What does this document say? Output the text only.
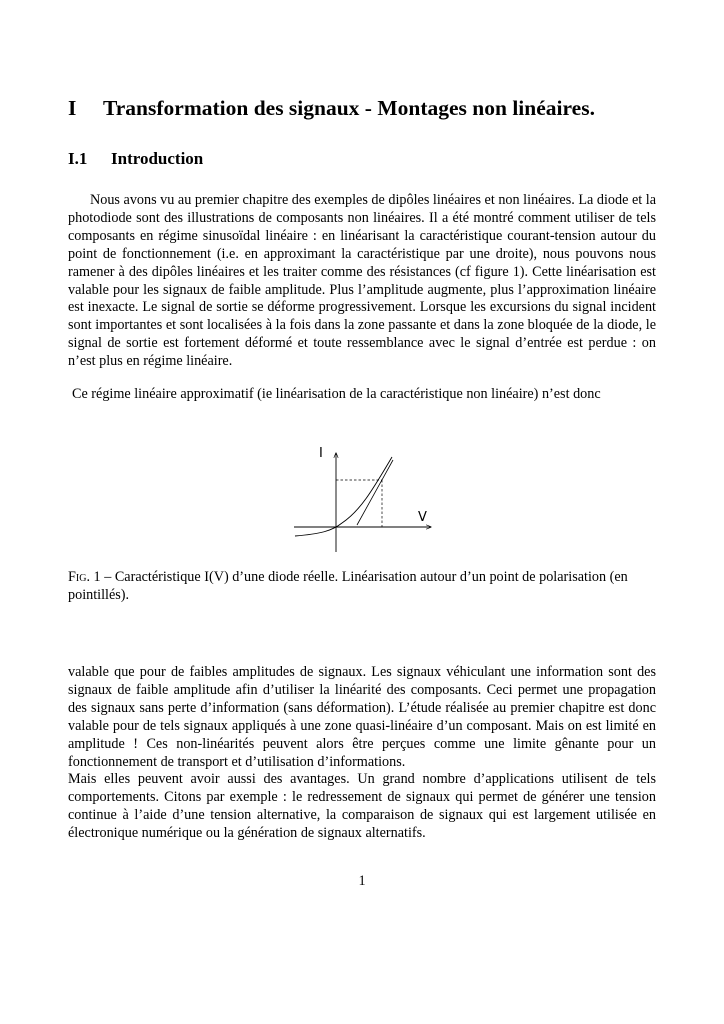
I Transformation des signaux - Montages non linéaires.
I.1 Introduction

Nous avons vu au premier chapitre des exemples de dipôles linéaires et non linéaires. La diode et la photodiode sont des illustrations de composants non linéaires. Il a été montré comment utiliser de tels composants en régime sinusoïdal linéaire : en linéarisant la caractéristique courant-tension autour du point de fonctionnement (i.e. en approximant la caractéristique par une droite), nous pouvons nous ramener à des dipôles linéaires et les traiter comme des résistances (cf figure 1). Cette linéarisation est valable pour les signaux de faible amplitude. Plus l’amplitude augmente, plus l’approximation linéaire est inexacte. Le signal de sortie se déforme progressivement. Lorsque les excursions du signal incident sont importantes et sont localisées à la fois dans la zone passante et dans la zone bloquée de la diode, le signal de sortie est fortement déformé et toute ressemblance avec le signal d’entrée est perdue : on n’est plus en régime linéaire.

Ce régime linéaire approximatif (ie linéarisation de la caractéristique non linéaire) n’est donc

I
V

Fig. 1 – Caractéristique I(V) d’une diode réelle. Linéarisation autour d’un point de polarisation (en pointillés).

valable que pour de faibles amplitudes de signaux. Les signaux véhiculant une information sont des signaux de faible amplitude afin d’utiliser la linéarité des composants. Ceci permet une propagation des signaux sans perte d’information (sans déformation). L’étude réalisée au premier chapitre est donc valable pour de tels signaux appliqués à une zone quasi-linéaire d’un composant. Mais on est limité en amplitude ! Ces non-linéarités peuvent alors être perçues comme une limite gênante pour un fonctionnement de transport et d’utilisation d’informations.

Mais elles peuvent avoir aussi des avantages. Un grand nombre d’applications utilisent de tels comportements. Citons par exemple : le redressement de signaux qui permet de générer une tension continue à l’aide d’une tension alternative, la comparaison de signaux qui est largement utilisée en électronique numérique ou la génération de signaux alternatifs.

1
